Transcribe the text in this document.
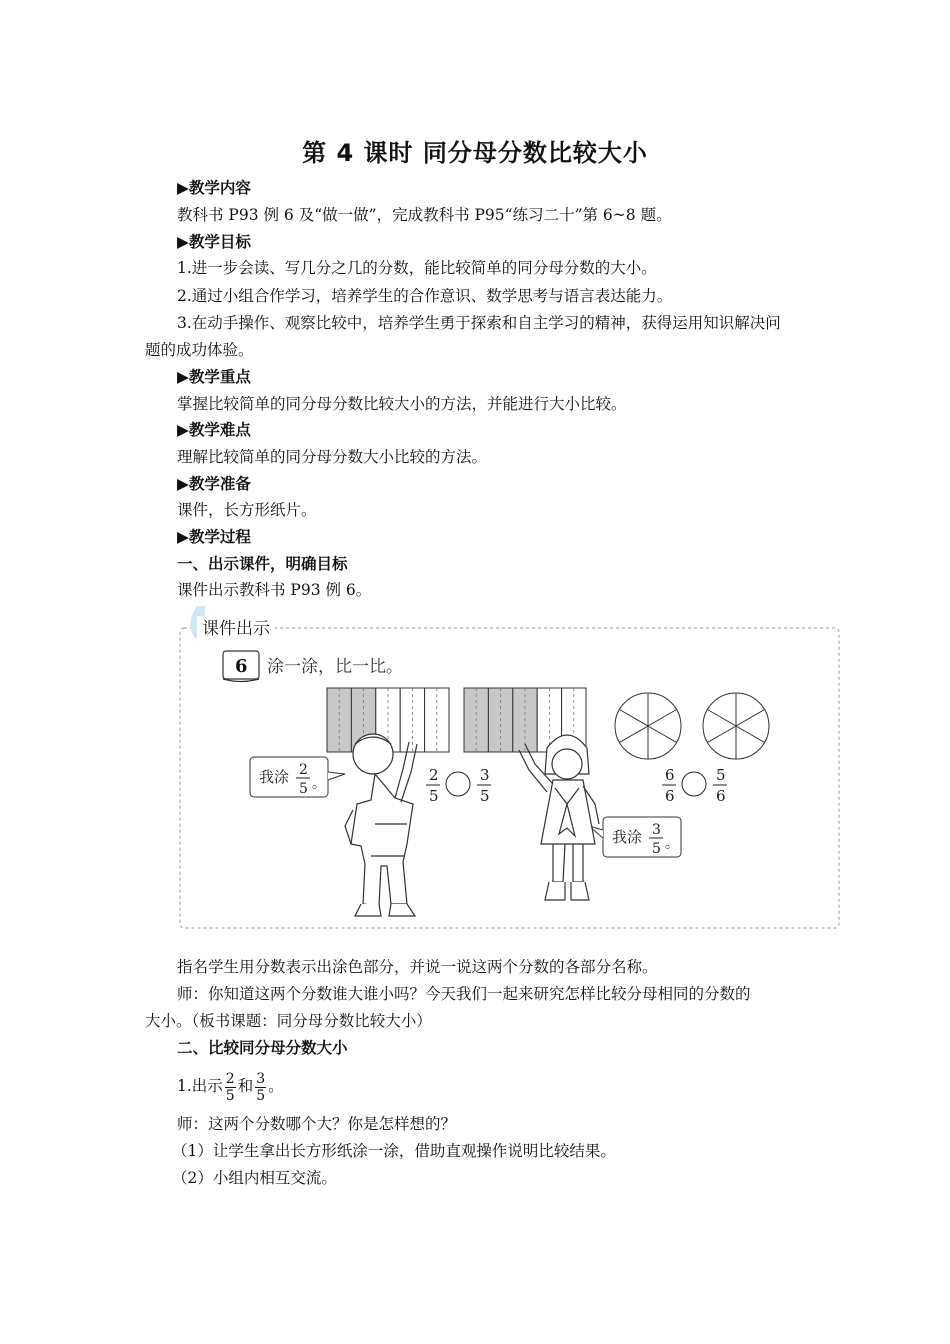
第 4 课时 同分母分数比较大小
▶教学内容
教科书 P93 例 6 及“做一做”，完成教科书 P95“练习二十”第 6~8 题。
▶教学目标
1.进一步会读、写几分之几的分数，能比较简单的同分母分数的大小。
2.通过小组合作学习，培养学生的合作意识、数学思考与语言表达能力。
3.在动手操作、观察比较中，培养学生勇于探索和自主学习的精神，获得运用知识解决问
题的成功体验。
▶教学重点
掌握比较简单的同分母分数比较大小的方法，并能进行大小比较。
▶教学难点
理解比较简单的同分母分数大小比较的方法。
▶教学准备
课件，长方形纸片。
▶教学过程
一、出示课件，明确目标
课件出示教科书 P93 例 6。
课件出示
6 涂一涂，比一比。
我涂 2
5 。
我涂 3
5 。
2
5
3
5
6
6
5
6
指名学生用分数表示出涂色部分，并说一说这两个分数的各部分名称。
师：你知道这两个分数谁大谁小吗？今天我们一起来研究怎样比较分母相同的分数的
大小。（板书课题：同分母分数比较大小）
二、比较同分母分数大小
1.出示 $\frac{2}{5}$ 和 $\frac{3}{5}$ 。
师：这两个分数哪个大？你是怎样想的？
（1）让学生拿出长方形纸涂一涂，借助直观操作说明比较结果。
（2）小组内相互交流。
